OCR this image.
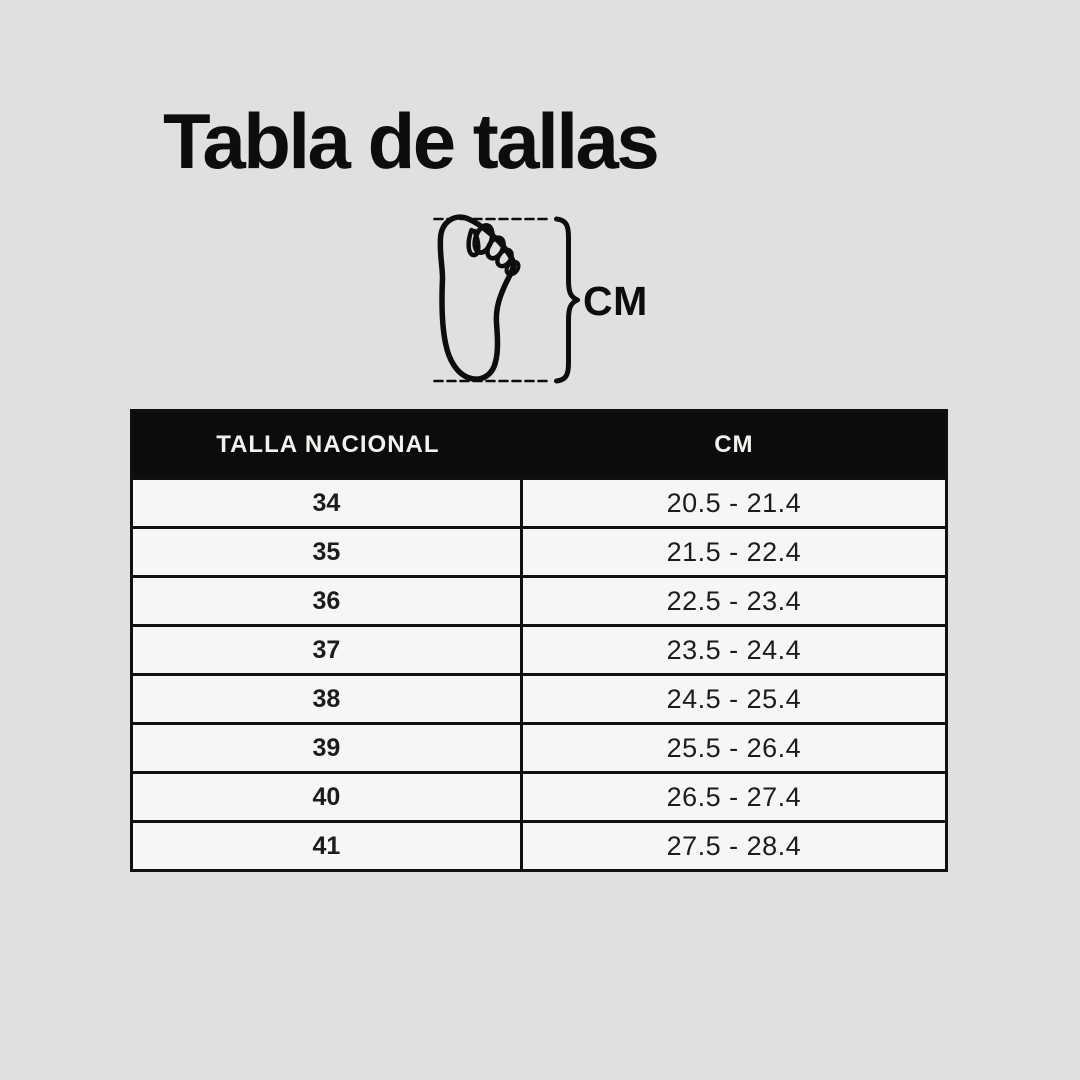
Tabla de tallas
CM
TALLA NACIONAL	CM
34	20.5 - 21.4
35	21.5 - 22.4
36	22.5 - 23.4
37	23.5 - 24.4
38	24.5 - 25.4
39	25.5 - 26.4
40	26.5 - 27.4
41	27.5 - 28.4
